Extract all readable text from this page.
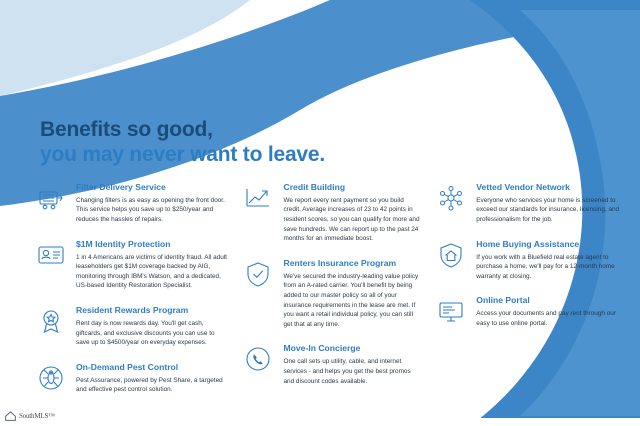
Benefits so good,
you may never want to leave.

Filter Delivery Service

Changing filters is as easy as opening the front door. This service helps you save up to $250/year and reduces the hassles of repairs.

$1M Identity Protection

1 in 4 Americans are victims of identity fraud. All adult leaseholders get $1M coverage backed by AIG, monitoring through IBM's Watson, and a dedicated, US-based Identity Restoration Specialist.

Resident Rewards Program

Rent day is now rewards day. You'll get cash, giftcards, and exclusive discounts you can use to save up to $4500/year on everyday expenses.

On-Demand Pest Control

Pest Assurance, powered by Pest Share, a targeted and effective pest control solution.

Credit Building

We report every rent payment so you build credit. Average increases of 23 to 42 points in resident scores, so you can qualify for more and save hundreds. We can report up to the past 24 months for an immediate boost.

Renters Insurance Program

We've secured the industry-leading value policy from an A-rated carrier. You'll benefit by being added to our master policy so all of your insurance requirements in the lease are met. If you want a retail individual policy, you can still get that at any time.

Move-In Concierge

One call sets up utility, cable, and internet services - and helps you get the best promos and discount codes available.

Vetted Vendor Network

Everyone who services your home is screened to exceed our standards for insurance, licensing, and professionalism for the job.

Home Buying Assistance

If you work with a Bluefield real estate agent to purchase a home, we'll pay for a 12-month home warranty at closing.

Online Portal

Access your documents and pay rent through our easy to use online portal.

SouthMLS™
